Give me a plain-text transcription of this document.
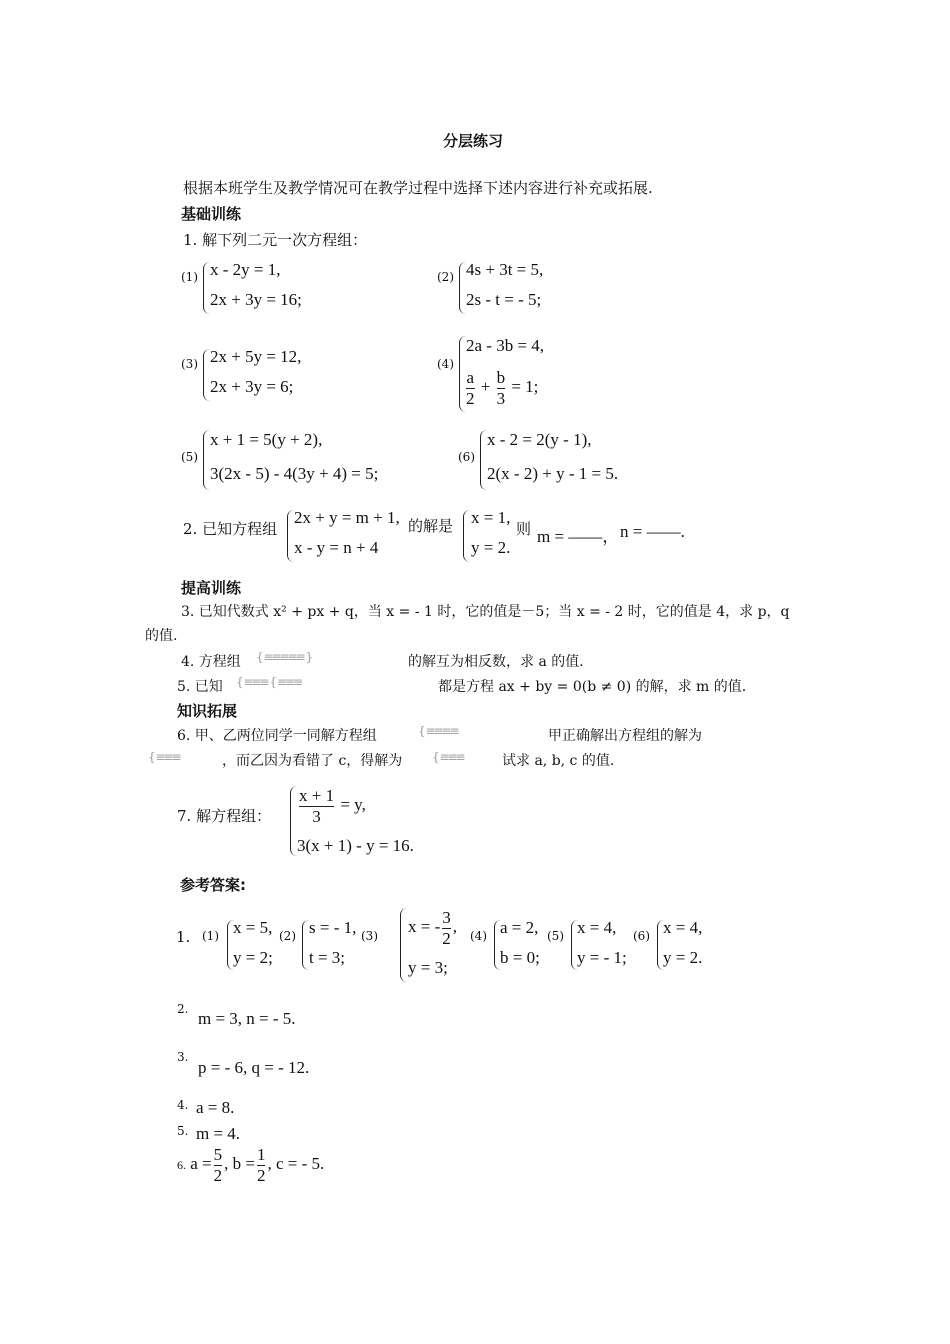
分层练习
根据本班学生及教学情况可在教学过程中选择下述内容进行补充或拓展.
基础训练
1. 解下列二元一次方程组：
(1) x - 2y = 1,
2x + 3y = 16;
(2) 4s + 3t = 5,
2s - t = - 5;
(3) 2x + 5y = 12,
2x + 3y = 6;
(4)
2a - 3b = 4,
$\frac{a}{2} + \frac{b}{3} = 1$;
(5)
x + 1 = 5(y + 2),
3(2x - 5) - 4(3y + 4) = 5;
(6)
x - 2 = 2(y - 1),
2(x - 2) + y - 1 = 5.
2. 已知方程组
2x + y = m + 1,
x - y = n + 4
的解是 x = 1,
y = 2.
则 m = ——， n = ——.
提高训练
3. 已知代数式 x² + px + q，当 x = - 1 时，它的值是－5；当 x = - 2 时，它的值是 4，求 p，q
的值.
4. 方程组 { ≡≡≡≡≡ }	的解互为相反数，求 a 的值.
5. 已知 { ≡≡≡ { ≡≡≡	都是方程 ax + by = 0(b ≠ 0) 的解，求 m 的值.
知识拓展
6. 甲、乙两位同学一同解方程组	{ ≡≡≡≡	甲正确解出方程组的解为
{ ≡≡≡	，而乙因为看错了 c，得解为 { ≡≡≡	试求 a, b, c 的值.
7. 解方程组： $\frac{x + 1}{3} = y$,
3(x + 1) - y = 16.
参考答案:
1. (1) x = 5,
y = 2;
(2) s = - 1,
t = 3;
(3)
x = - $\frac{3}{2}$ ,
y = 3;
(4) a = 2,
b = 0;
(5) x = 4,
y = - 1;
(6) x = 4,
y = 2.
2. m = 3, n = - 5.
3.
p = - 6, q = - 12.
4. a = 8.
5. m = 4.
6. $a = \frac{5}{2}$ , $b = \frac{1}{2}$ , c = - 5.
